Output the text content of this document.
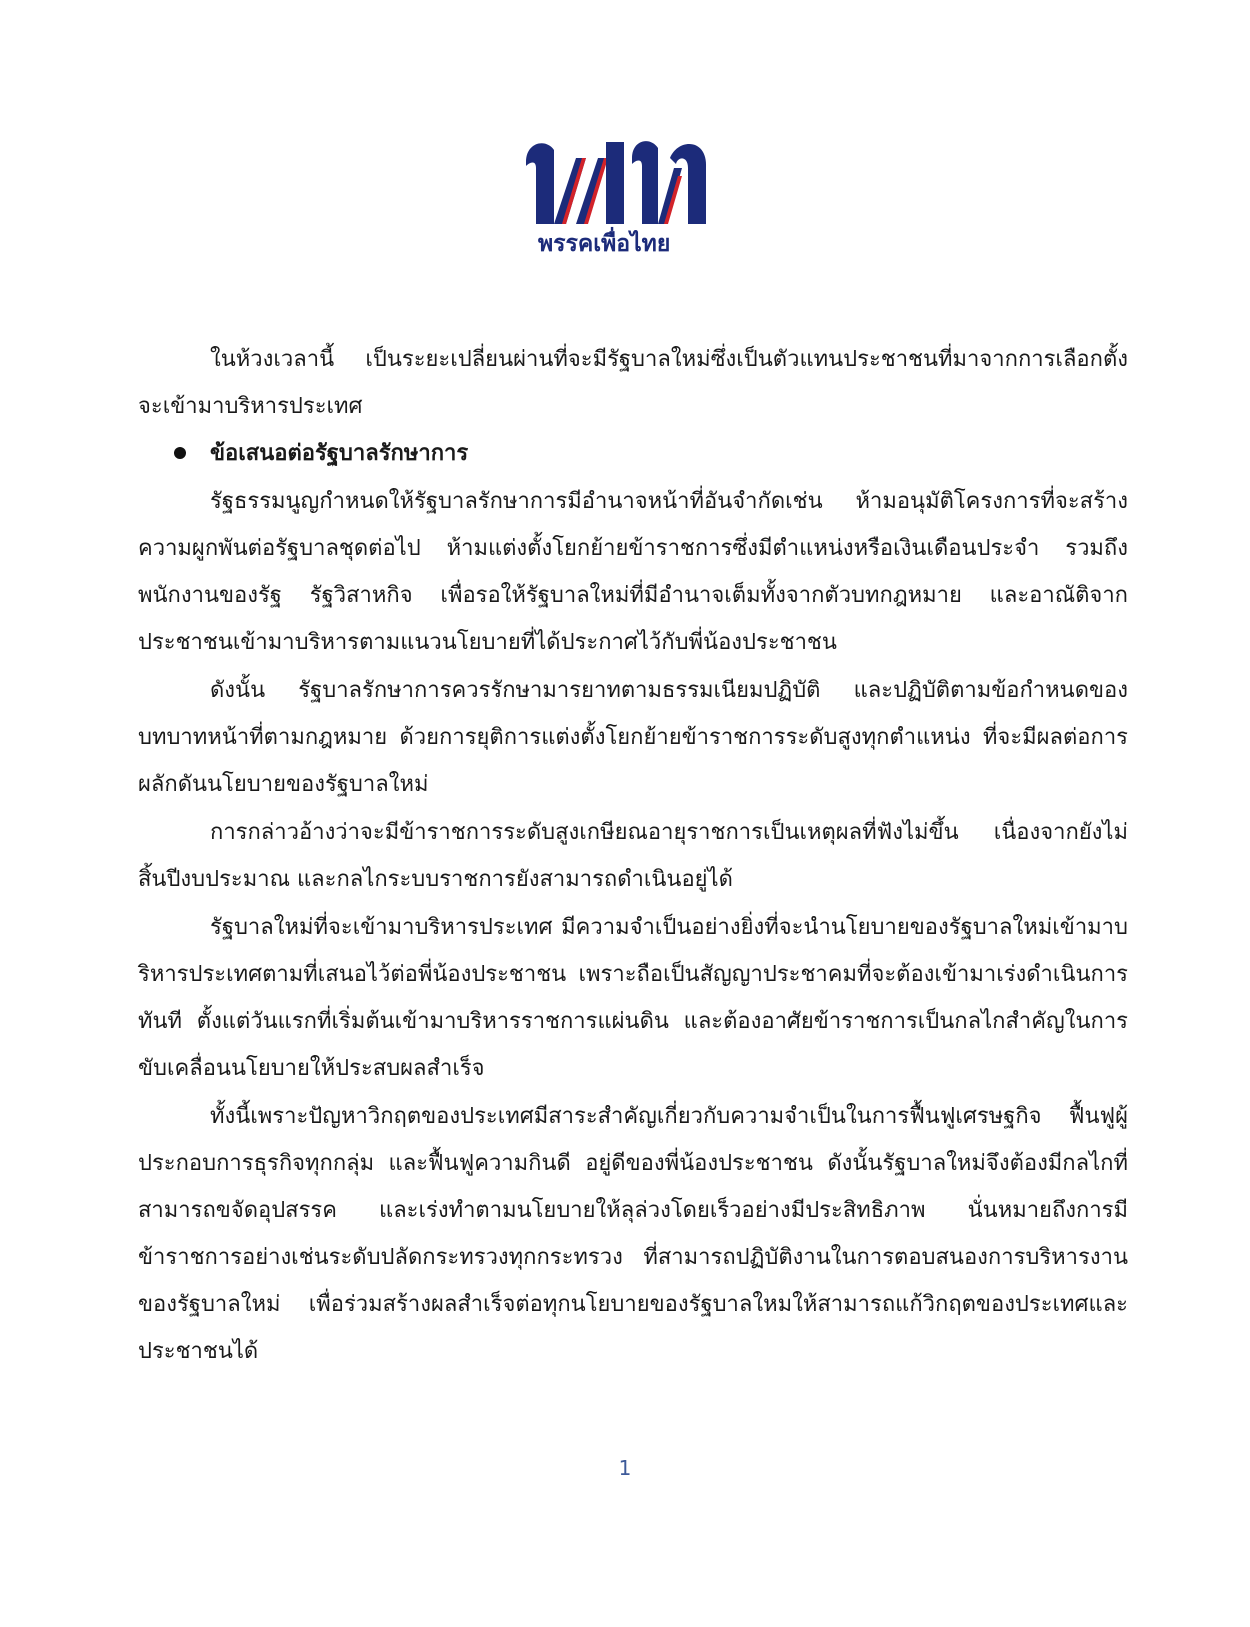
พรรคเพื่อไทย

ในห้วงเวลานี้ เป็นระยะเปลี่ยนผ่านที่จะมีรัฐบาลใหม่ซึ่งเป็นตัวแทนประชาชนที่มาจากการเลือกตั้ง จะเข้ามาบริหารประเทศ

ข้อเสนอต่อรัฐบาลรักษาการ

รัฐธรรมนูญกำหนดให้รัฐบาลรักษาการมีอำนาจหน้าที่อันจำกัดเช่น ห้ามอนุมัติโครงการที่จะสร้างความผูกพันต่อรัฐบาลชุดต่อไป ห้ามแต่งตั้งโยกย้ายข้าราชการซึ่งมีตำแหน่งหรือเงินเดือนประจำ รวมถึงพนักงานของรัฐ รัฐวิสาหกิจ เพื่อรอให้รัฐบาลใหม่ที่มีอำนาจเต็มทั้งจากตัวบทกฎหมาย และอาณัติจากประชาชนเข้ามาบริหารตามแนวนโยบายที่ได้ประกาศไว้กับพี่น้องประชาชน

ดังนั้น รัฐบาลรักษาการควรรักษามารยาทตามธรรมเนียมปฏิบัติ และปฏิบัติตามข้อกำหนดของบทบาทหน้าที่ตามกฎหมาย ด้วยการยุติการแต่งตั้งโยกย้ายข้าราชการระดับสูงทุกตำแหน่ง ที่จะมีผลต่อการผลักดันนโยบายของรัฐบาลใหม่

การกล่าวอ้างว่าจะมีข้าราชการระดับสูงเกษียณอายุราชการเป็นเหตุผลที่ฟังไม่ขึ้น เนื่องจากยังไม่สิ้นปีงบประมาณ และกลไกระบบราชการยังสามารถดำเนินอยู่ได้

รัฐบาลใหม่ที่จะเข้ามาบริหารประเทศ มีความจำเป็นอย่างยิ่งที่จะนำนโยบายของรัฐบาลใหม่เข้ามาบริหารประเทศตามที่เสนอไว้ต่อพี่น้องประชาชน เพราะถือเป็นสัญญาประชาคมที่จะต้องเข้ามาเร่งดำเนินการทันที ตั้งแต่วันแรกที่เริ่มต้นเข้ามาบริหารราชการแผ่นดิน และต้องอาศัยข้าราชการเป็นกลไกสำคัญในการขับเคลื่อนนโยบายให้ประสบผลสำเร็จ

ทั้งนี้เพราะปัญหาวิกฤตของประเทศมีสาระสำคัญเกี่ยวกับความจำเป็นในการฟื้นฟูเศรษฐกิจ ฟื้นฟูผู้ประกอบการธุรกิจทุกกลุ่ม และฟื้นฟูความกินดี อยู่ดีของพี่น้องประชาชน ดังนั้นรัฐบาลใหม่จึงต้องมีกลไกที่สามารถขจัดอุปสรรค และเร่งทำตามนโยบายให้ลุล่วงโดยเร็วอย่างมีประสิทธิภาพ นั่นหมายถึงการมีข้าราชการอย่างเช่นระดับปลัดกระทรวงทุกกระทรวง ที่สามารถปฏิบัติงานในการตอบสนองการบริหารงานของรัฐบาลใหม่ เพื่อร่วมสร้างผลสำเร็จต่อทุกนโยบายของรัฐบาลใหมให้สามารถแก้วิกฤตของประเทศและประชาชนได้

1
